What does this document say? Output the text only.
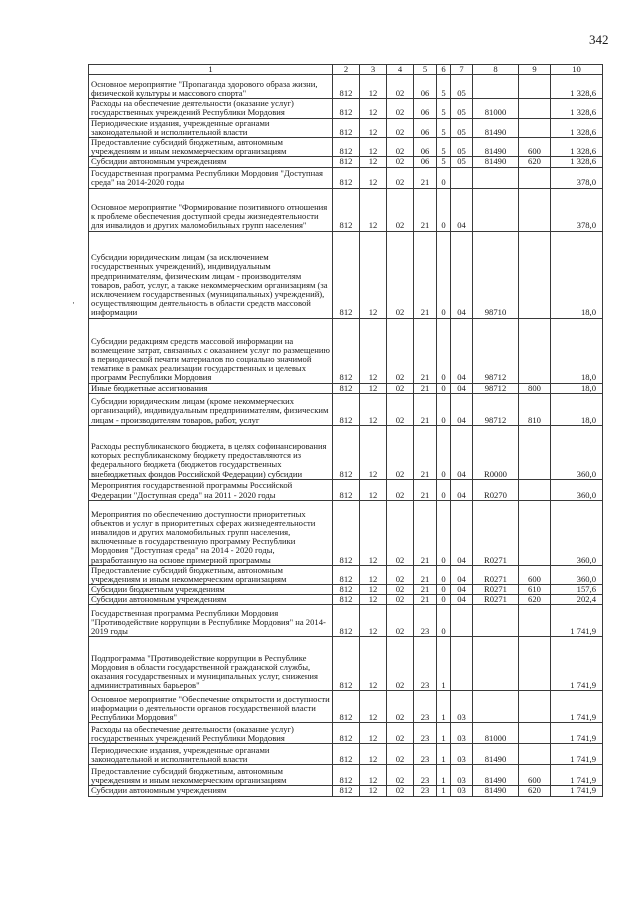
342
·
1	2	3	4	5	6	7	8	9	10
Основное мероприятие "Пропаганда здорового образа жизни, физической культуры и массового спорта"	812	12	02	06	5	05			1 328,6
Расходы на обеспечение деятельности (оказание услуг) государственных учреждений Республики Мордовия	812	12	02	06	5	05	81000		1 328,6
Периодические издания, учрежденные органами законодательной и исполнительной власти	812	12	02	06	5	05	81490		1 328,6
Предоставление субсидий бюджетным, автономным учреждениям и иным некоммерческим организациям	812	12	02	06	5	05	81490	600	1 328,6
Субсидии автономным учреждениям	812	12	02	06	5	05	81490	620	1 328,6
Государственная программа Республики Мордовия "Доступная среда" на 2014-2020 годы	812	12	02	21	0				378,0
Основное мероприятие "Формирование позитивного отношения к проблеме обеспечения доступной среды жизнедеятельности для инвалидов и других маломобильных групп населения"	812	12	02	21	0	04			378,0
Субсидии юридическим лицам (за исключением государственных учреждений), индивидуальным предпринимателям, физическим лицам - производителям товаров, работ, услуг, а также некоммерческим организациям (за исключением государственных (муниципальных) учреждений), осуществляющим деятельность в области средств массовой информации	812	12	02	21	0	04	98710		18,0
Субсидии редакциям средств массовой информации на возмещение затрат, связанных с оказанием услуг по размещению в периодической печати материалов по социально значимой тематике в рамках реализации государственных и целевых программ Республики Мордовия	812	12	02	21	0	04	98712		18,0
Иные бюджетные ассигнования	812	12	02	21	0	04	98712	800	18,0
Субсидии юридическим лицам (кроме некоммерческих организаций), индивидуальным предпринимателям, физическим лицам - производителям товаров, работ, услуг	812	12	02	21	0	04	98712	810	18,0
Расходы республиканского бюджета, в целях софинансирования которых республиканскому бюджету предоставляются из федерального бюджета (бюджетов государственных внебюджетных фондов Российской Федерации) субсидии	812	12	02	21	0	04	R0000		360,0
Мероприятия государственной программы Российской Федерации "Доступная среда" на 2011 - 2020 годы	812	12	02	21	0	04	R0270		360,0
Мероприятия по обеспечению доступности приоритетных объектов и услуг в приоритетных сферах жизнедеятельности инвалидов и других маломобильных групп населения, включенные в государственную программу Республики Мордовия "Доступная среда" на 2014 - 2020 годы, разработанную на основе примерной программы	812	12	02	21	0	04	R0271		360,0
Предоставление субсидий бюджетным, автономным учреждениям и иным некоммерческим организациям	812	12	02	21	0	04	R0271	600	360,0
Субсидии бюджетным учреждениям	812	12	02	21	0	04	R0271	610	157,6
Субсидии автономным учреждениям	812	12	02	21	0	04	R0271	620	202,4
Государственная программа Республики Мордовия "Противодействие коррупции в Республике Мордовия" на 2014-2019 годы	812	12	02	23	0				1 741,9
Подпрограмма "Противодействие коррупции в Республике Мордовия в области государственной гражданской службы, оказания государственных и муниципальных услуг, снижения административных барьеров"	812	12	02	23	1				1 741,9
Основное мероприятие "Обеспечение открытости и доступности информации о деятельности органов государственной власти Республики Мордовия"	812	12	02	23	1	03			1 741,9
Расходы на обеспечение деятельности (оказание услуг) государственных учреждений Республики Мордовия	812	12	02	23	1	03	81000		1 741,9
Периодические издания, учрежденные органами законодательной и исполнительной власти	812	12	02	23	1	03	81490		1 741,9
Предоставление субсидий бюджетным, автономным учреждениям и иным некоммерческим организациям	812	12	02	23	1	03	81490	600	1 741,9
Субсидии автономным учреждениям	812	12	02	23	1	03	81490	620	1 741,9
